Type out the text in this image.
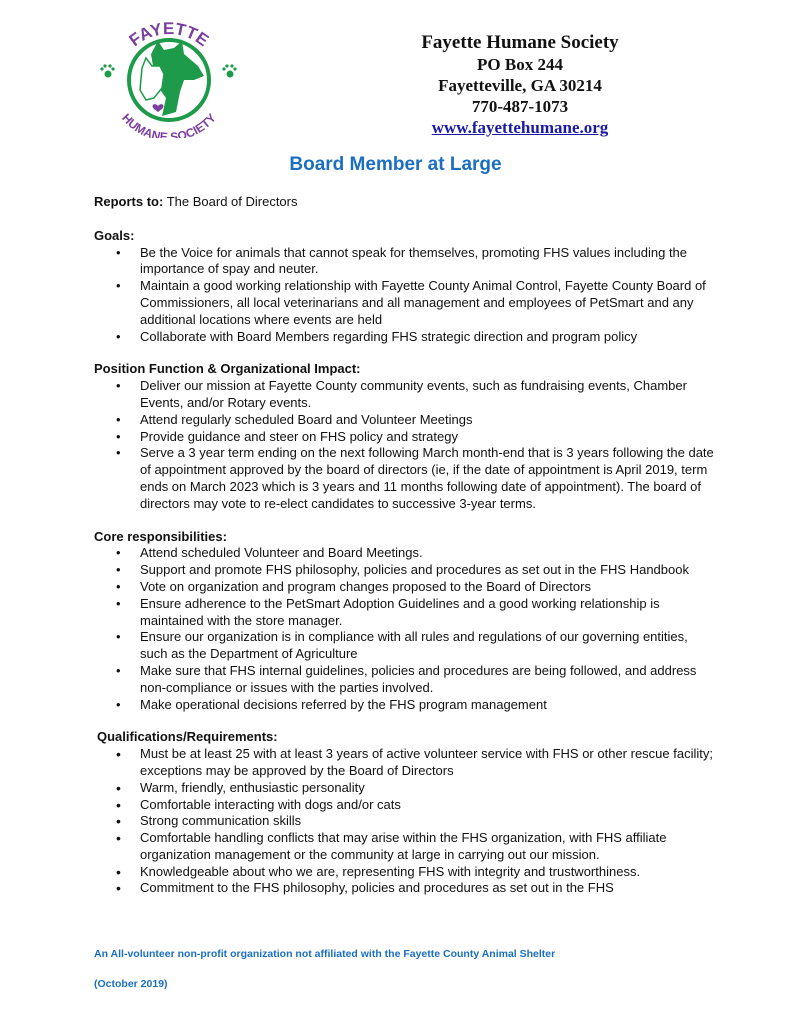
FAYETTE
HUMANE SOCIETY
Fayette Humane Society
PO Box 244
Fayetteville, GA 30214
770-487-1073
www.fayettehumane.org
Board Member at Large

Reports to: The Board of Directors

Goals:

• Be the Voice for animals that cannot speak for themselves, promoting FHS values including the importance of spay and neuter.
• Maintain a good working relationship with Fayette County Animal Control, Fayette County Board of Commissioners, all local veterinarians and all management and employees of PetSmart and any additional locations where events are held
• Collaborate with Board Members regarding FHS strategic direction and program policy

Position Function & Organizational Impact:

• Deliver our mission at Fayette County community events, such as fundraising events, Chamber Events, and/or Rotary events.
• Attend regularly scheduled Board and Volunteer Meetings
• Provide guidance and steer on FHS policy and strategy
• Serve a 3 year term ending on the next following March month-end that is 3 years following the date of appointment approved by the board of directors (ie, if the date of appointment is April 2019, term ends on March 2023 which is 3 years and 11 months following date of appointment). The board of directors may vote to re-elect candidates to successive 3-year terms.

Core responsibilities:

• Attend scheduled Volunteer and Board Meetings.
• Support and promote FHS philosophy, policies and procedures as set out in the FHS Handbook
• Vote on organization and program changes proposed to the Board of Directors
• Ensure adherence to the PetSmart Adoption Guidelines and a good working relationship is maintained with the store manager.
• Ensure our organization is in compliance with all rules and regulations of our governing entities, such as the Department of Agriculture
• Make sure that FHS internal guidelines, policies and procedures are being followed, and address non-compliance or issues with the parties involved.
• Make operational decisions referred by the FHS program management

Qualifications/Requirements:

• Must be at least 25 with at least 3 years of active volunteer service with FHS or other rescue facility; exceptions may be approved by the Board of Directors
• Warm, friendly, enthusiastic personality
• Comfortable interacting with dogs and/or cats
• Strong communication skills
• Comfortable handling conflicts that may arise within the FHS organization, with FHS affiliate organization management or the community at large in carrying out our mission.
• Knowledgeable about who we are, representing FHS with integrity and trustworthiness.
• Commitment to the FHS philosophy, policies and procedures as set out in the FHS
An All-volunteer non-profit organization not affiliated with the Fayette County Animal Shelter
(October 2019)
